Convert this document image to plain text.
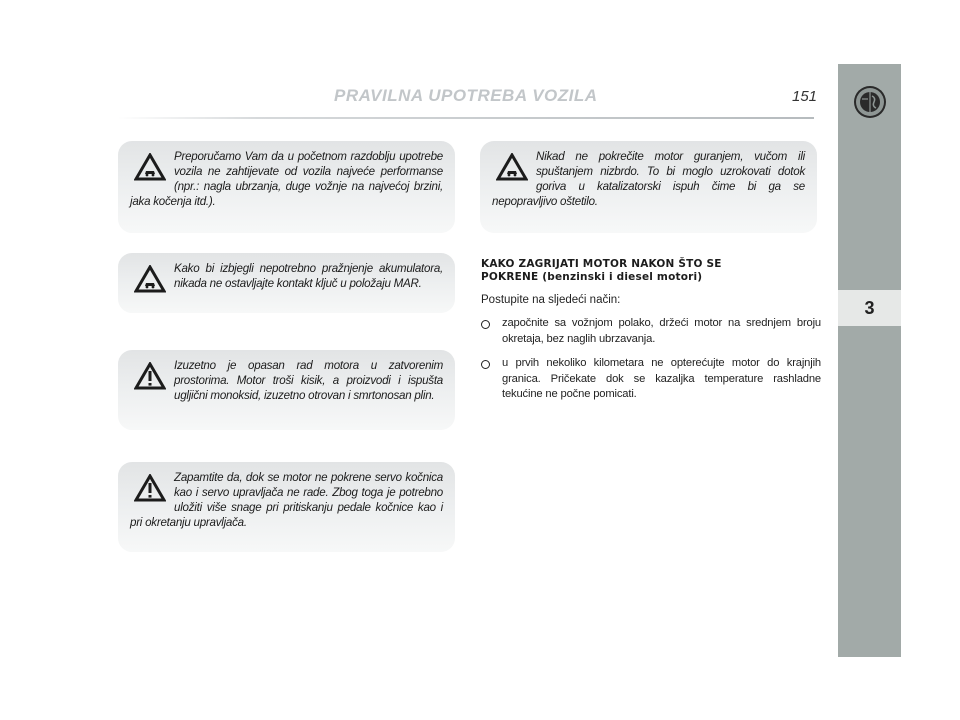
PRAVILNA UPOTREBA VOZILA	151
3
Preporučamo Vam da u početnom razdoblju upotrebe vozila ne zahtijevate od vozila najveće performanse (npr.: nagla ubrzanja, duge vožnje na najvećoj brzini, jaka kočenja itd.).
Kako bi izbjegli nepotrebno pražnjenje akumulatora, nikada ne ostavljajte kontakt ključ u položaju MAR.
Izuzetno je opasan rad motora u zatvorenim prostorima. Motor troši kisik, a proizvodi i ispušta ugljični monoksid, izuzetno otrovan i smrtonosan plin.
Zapamtite da, dok se motor ne pokrene servo kočnica kao i servo upravljača ne rade. Zbog toga je potrebno uložiti više snage pri pritiskanju pedale kočnice kao i pri okretanju upravljača.
Nikad ne pokrečite motor guranjem, vučom ili spuštanjem nizbrdo. To bi moglo uzrokovati dotok goriva u katalizatorski ispuh čime bi ga se nepopravljivo oštetilo.
KAKO ZAGRIJATI MOTOR NAKON ŠTO SE
POKRENE (benzinski i diesel motori)
Postupite na sljedeći način:
započnite sa vožnjom polako, držeći motor na srednjem broju okretaja, bez naglih ubrzavanja.
u prvih nekoliko kilometara ne opterećujte motor do krajnjih granica. Pričekate dok se kazaljka temperature rashladne tekućine ne počne pomicati.
